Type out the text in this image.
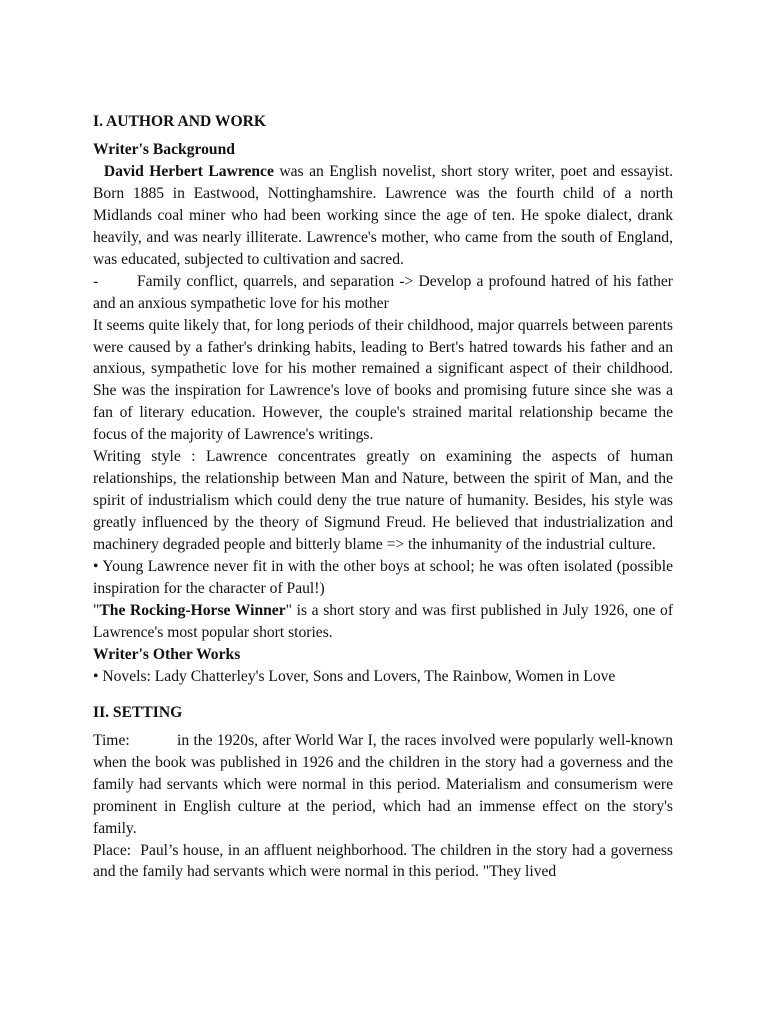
I. AUTHOR AND WORK
Writer's Background

David Herbert Lawrence was an English novelist, short story writer, poet and essayist. Born 1885 in Eastwood, Nottinghamshire. Lawrence was the fourth child of a north Midlands coal miner who had been working since the age of ten. He spoke dialect, drank heavily, and was nearly illiterate. Lawrence's mother, who came from the south of England, was educated, subjected to cultivation and sacred.

- Family conflict, quarrels, and separation -> Develop a profound hatred of his father and an anxious sympathetic love for his mother

It seems quite likely that, for long periods of their childhood, major quarrels between parents were caused by a father's drinking habits, leading to Bert's hatred towards his father and an anxious, sympathetic love for his mother remained a significant aspect of their childhood. She was the inspiration for Lawrence's love of books and promising future since she was a fan of literary education. However, the couple's strained marital relationship became the focus of the majority of Lawrence's writings.

Writing style : Lawrence concentrates greatly on examining the aspects of human relationships, the relationship between Man and Nature, between the spirit of Man, and the spirit of industrialism which could deny the true nature of humanity. Besides, his style was greatly influenced by the theory of Sigmund Freud. He believed that industrialization and machinery degraded people and bitterly blame => the inhumanity of the industrial culture.

• Young Lawrence never fit in with the other boys at school; he was often isolated (possible inspiration for the character of Paul!)

"The Rocking-Horse Winner" is a short story and was first published in July 1926, one of Lawrence's most popular short stories.

Writer's Other Works

• Novels: Lady Chatterley's Lover, Sons and Lovers, The Rainbow, Women in Love

II. SETTING

Time:	in the 1920s, after World War I, the races involved were popularly well-known when the book was published in 1926 and the children in the story had a governess and the family had servants which were normal in this period. Materialism and consumerism were prominent in English culture at the period, which had an immense effect on the story's family.

Place: Paul’s house, in an affluent neighborhood. The children in the story had a governess and the family had servants which were normal in this period. "They lived
